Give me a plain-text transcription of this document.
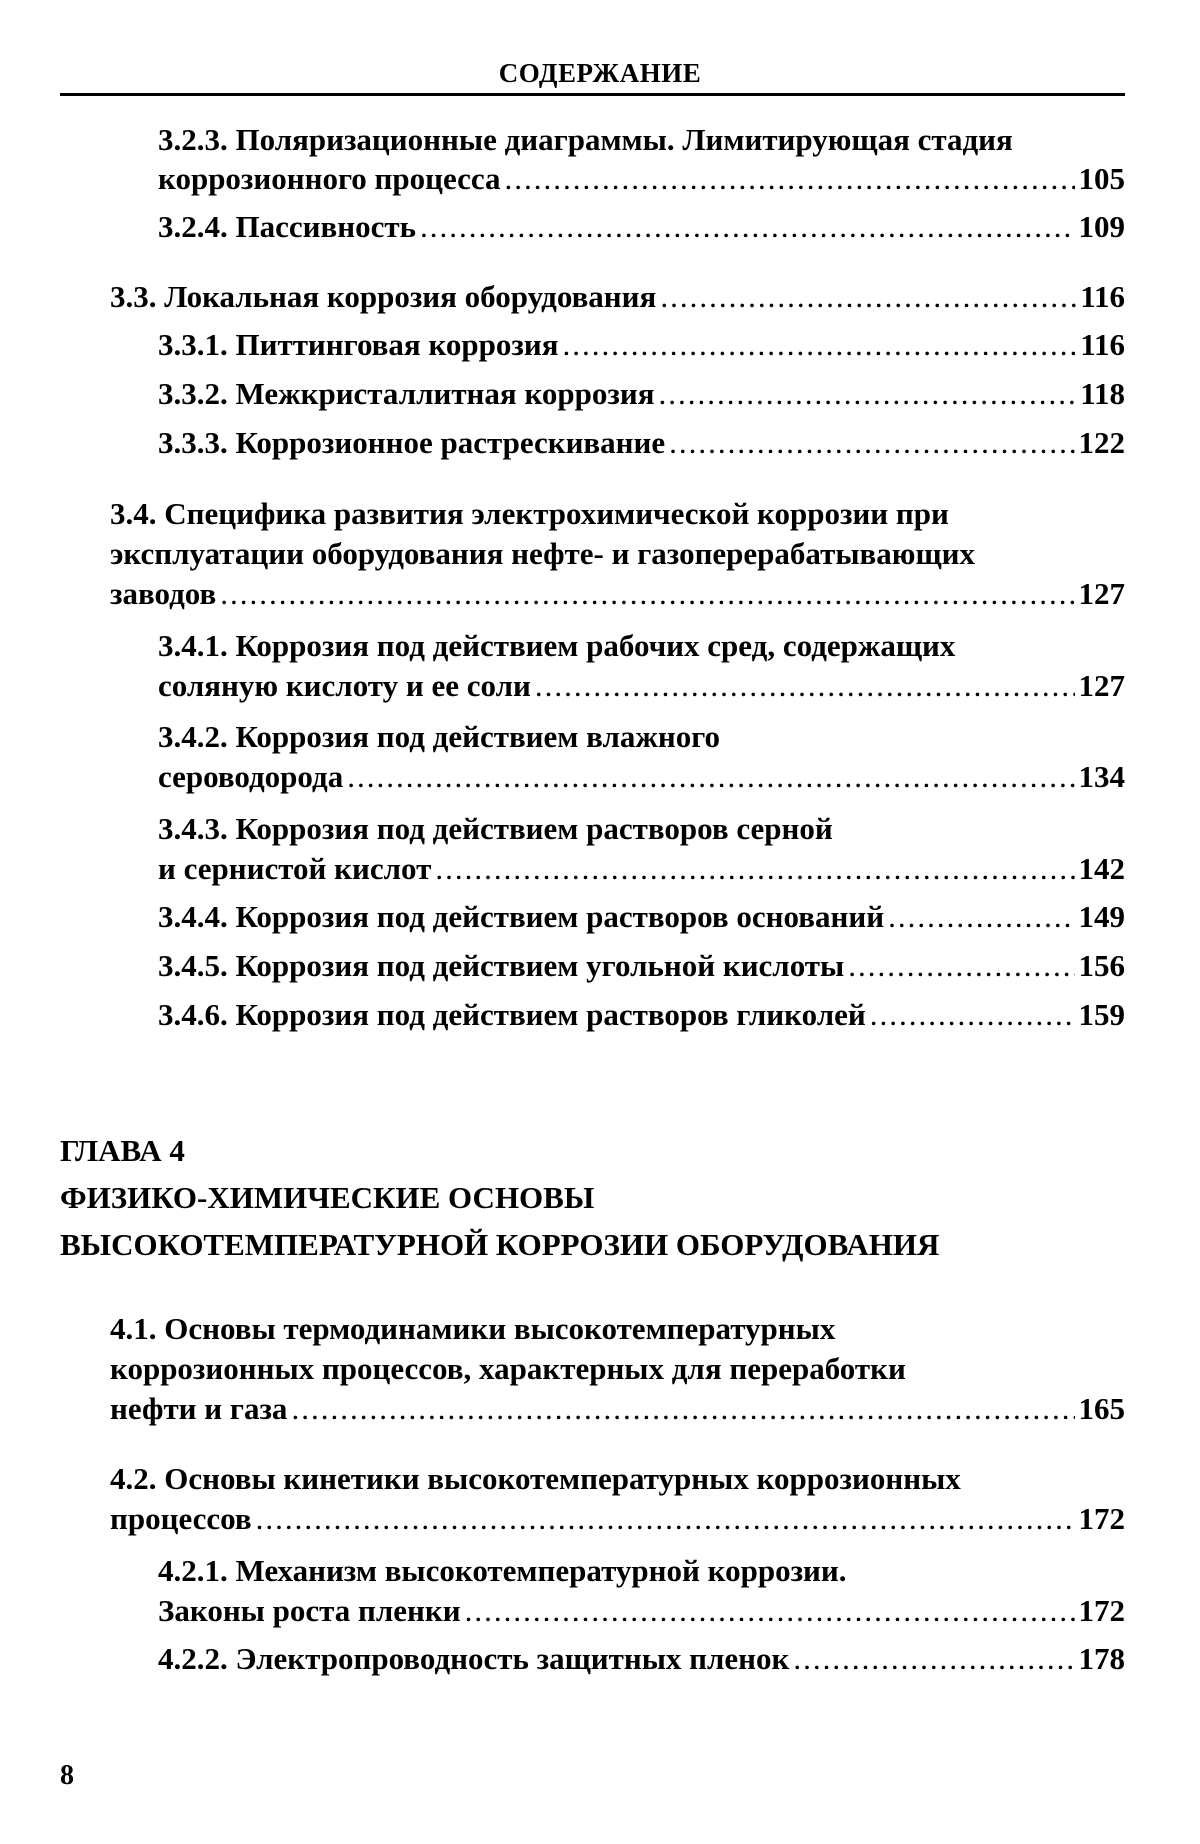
СОДЕРЖАНИЕ
3.2.3. Поляризационные диаграммы. Лимитирующая стадия
коррозионного процесса .....	105
3.2.4. Пассивность .....	109
3.3. Локальная коррозия оборудования .....	116
3.3.1. Питтинговая коррозия .....	116
3.3.2. Межкристаллитная коррозия .....	118
3.3.3. Коррозионное растрескивание .....	122
3.4. Специфика развития электрохимической коррозии при
эксплуатации оборудования нефте- и газоперерабатывающих
заводов .....	127
3.4.1. Коррозия под действием рабочих сред, содержащих
соляную кислоту и ее соли .....	127
3.4.2. Коррозия под действием влажного
сероводорода .....	134
3.4.3. Коррозия под действием растворов серной
и сернистой кислот .....	142
3.4.4. Коррозия под действием растворов оснований .....	149
3.4.5. Коррозия под действием угольной кислоты .....	156
3.4.6. Коррозия под действием растворов гликолей .....	159
ГЛАВА 4
ФИЗИКО-ХИМИЧЕСКИЕ ОСНОВЫ
ВЫСОКОТЕМПЕРАТУРНОЙ КОРРОЗИИ ОБОРУДОВАНИЯ
4.1. Основы термодинамики высокотемпературных
коррозионных процессов, характерных для переработки
нефти и газа .....	165
4.2. Основы кинетики высокотемпературных коррозионных
процессов .....	172
4.2.1. Механизм высокотемпературной коррозии.
Законы роста пленки .....	172
4.2.2. Электропроводность защитных пленок .....	178
8
